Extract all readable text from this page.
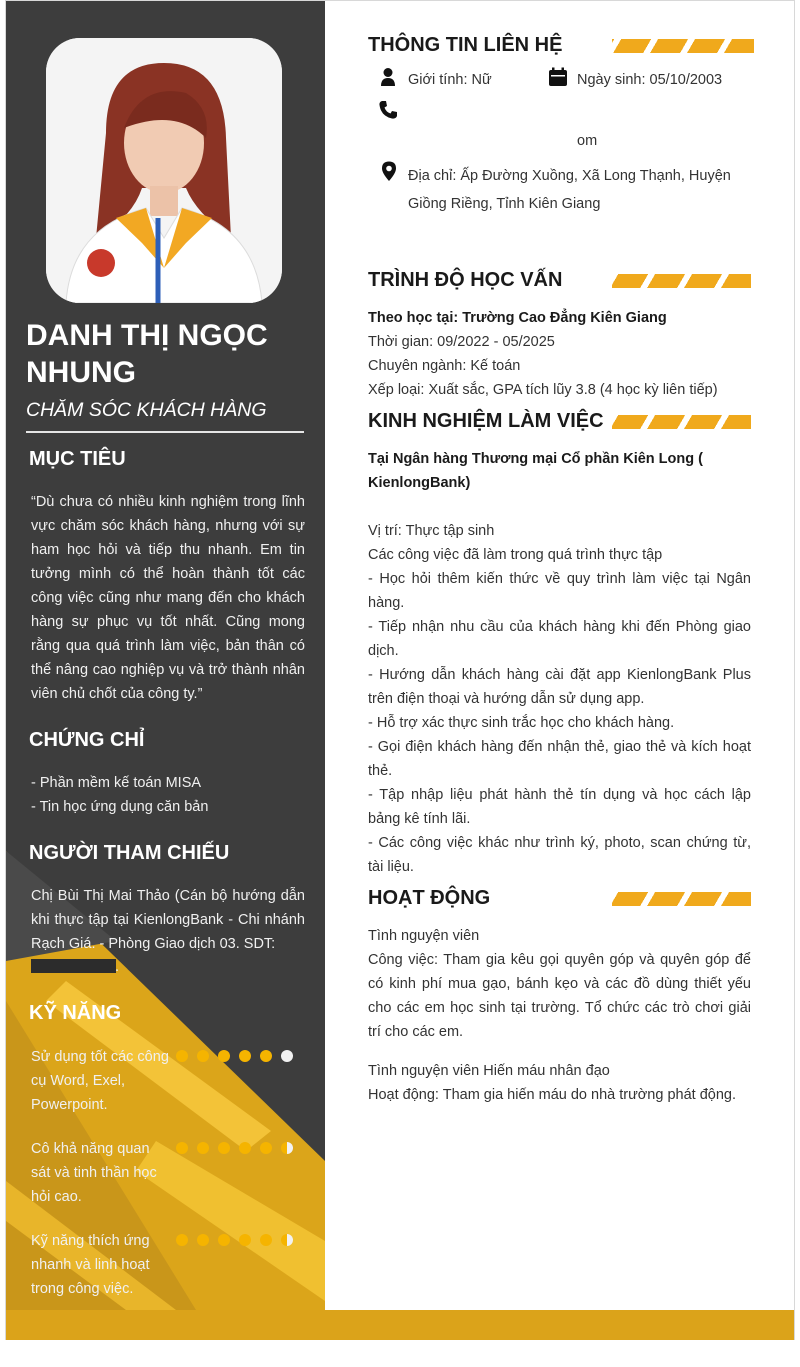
DANH THỊ NGỌC NHUNG
CHĂM SÓC KHÁCH HÀNG
MỤC TIÊU
“Dù chưa có nhiều kinh nghiệm trong lĩnh vực chăm sóc khách hàng, nhưng với sự ham học hỏi và tiếp thu nhanh. Em tin tưởng mình có thể hoàn thành tốt các công việc cũng như mang đến cho khách hàng sự phục vụ tốt nhất. Cũng mong rằng qua quá trình làm việc, bản thân có thể nâng cao nghiệp vụ và trở thành nhân viên chủ chốt của công ty.”
CHỨNG CHỈ
- Phần mềm kế toán MISA
- Tin học ứng dụng căn bản
NGƯỜI THAM CHIẾU
Chị Bùi Thị Mai Thảo (Cán bộ hướng dẫn khi thực tập tại KienlongBank - Chi nhánh Rạch Giá. - Phòng Giao dịch 03. SDT:
.
KỸ NĂNG
Sử dụng tốt các công cụ Word, Exel, Powerpoint.
Cô khả năng quan sát và tinh thần học hỏi cao.
Kỹ năng thích ứng nhanh và linh hoạt trong công việc.
THÔNG TIN LIÊN HỆ
Giới tính: Nữ	Ngày sinh: 05/10/2003
om
Địa chỉ: Ấp Đường Xuồng, Xã Long Thạnh, Huyện Giồng Riềng, Tỉnh Kiên Giang
TRÌNH ĐỘ HỌC VẤN
Theo học tại: Trường Cao Đẳng Kiên Giang
Thời gian: 09/2022 - 05/2025
Chuyên ngành: Kế toán
Xếp loại: Xuất sắc, GPA tích lũy 3.8 (4 học kỳ liên tiếp)
KINH NGHIỆM LÀM VIỆC
Tại Ngân hàng Thương mại Cổ phần Kiên Long ( KienlongBank)
Vị trí: Thực tập sinh
Các công việc đã làm trong quá trình thực tập
- Học hỏi thêm kiến thức về quy trình làm việc tại Ngân hàng.
- Tiếp nhận nhu cầu của khách hàng khi đến Phòng giao dịch.
- Hướng dẫn khách hàng cài đặt app KienlongBank Plus trên điện thoại và hướng dẫn sử dụng app.
- Hỗ trợ xác thực sinh trắc học cho khách hàng.
- Gọi điện khách hàng đến nhận thẻ, giao thẻ và kích hoạt thẻ.
- Tập nhập liệu phát hành thẻ tín dụng và học cách lập bảng kê tính lãi.
- Các công việc khác như trình ký, photo, scan chứng từ, tài liệu.
HOẠT ĐỘNG
Tình nguyện viên
Công việc: Tham gia kêu gọi quyên góp và quyên góp để có kinh phí mua gạo, bánh kẹo và các đồ dùng thiết yếu cho các em học sinh tại trường. Tổ chức các trò chơi giải trí cho các em.
Tình nguyện viên Hiến máu nhân đạo
Hoạt động: Tham gia hiến máu do nhà trường phát động.
